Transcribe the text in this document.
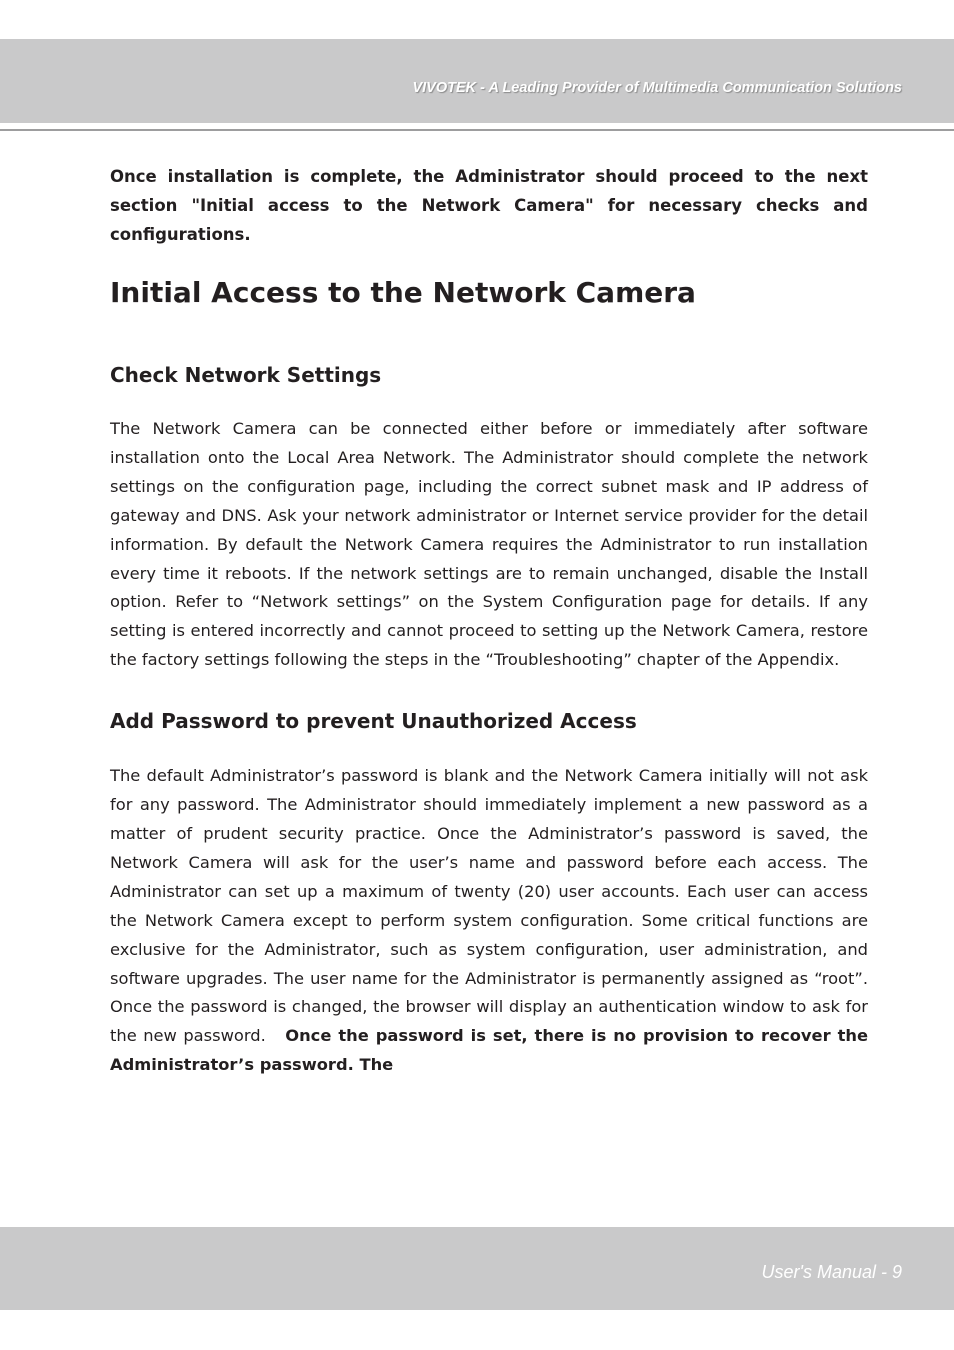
VIVOTEK - A Leading Provider of Multimedia Communication Solutions

Once installation is complete, the Administrator should proceed to the next section "Initial access to the Network Camera" for necessary checks and configurations.

Initial Access to the Network Camera
Check Network Settings

The Network Camera can be connected either before or immediately after software installation onto the Local Area Network. The Administrator should complete the network settings on the configuration page, including the correct subnet mask and IP address of gateway and DNS. Ask your network administrator or Internet service provider for the detail information. By default the Network Camera requires the Administrator to run installation every time it reboots. If the network settings are to remain unchanged, disable the Install option. Refer to “Network settings” on the System Configuration page for details. If any setting is entered incorrectly and cannot proceed to setting up the Network Camera, restore the factory settings following the steps in the “Troubleshooting” chapter of the Appendix.

Add Password to prevent Unauthorized Access

The default Administrator’s password is blank and the Network Camera initially will not ask for any password. The Administrator should immediately implement a new password as a matter of prudent security practice. Once the Administrator’s password is saved, the Network Camera will ask for the user’s name and password before each access. The Administrator can set up a maximum of twenty (20) user accounts. Each user can access the Network Camera except to perform system configuration. Some critical functions are exclusive for the Administrator, such as system configuration, user administration, and software upgrades. The user name for the Administrator is permanently assigned as “root”. Once the password is changed, the browser will display an authentication window to ask for the new password. Once the password is set, there is no provision to recover the Administrator’s password. The

User's Manual - 9
